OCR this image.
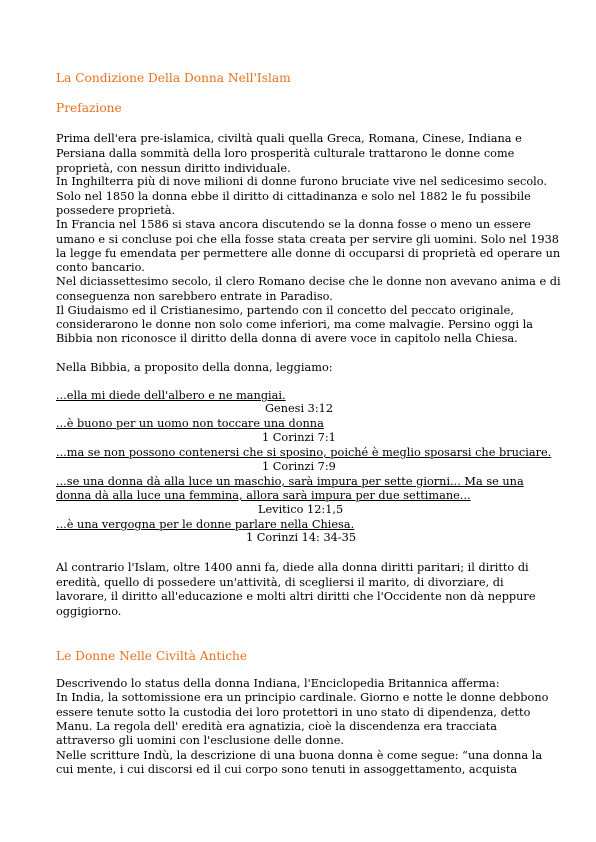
La Condizione Della Donna Nell'Islam
Prefazione
Prima dell'era pre-islamica, civiltà quali quella Greca, Romana, Cinese, Indiana e
Persiana dalla sommità della loro prosperità culturale trattarono le donne come
proprietà, con nessun diritto individuale.
In Inghilterra più di nove milioni di donne furono bruciate vive nel sedicesimo secolo.
Solo nel 1850 la donna ebbe il diritto di cittadinanza e solo nel 1882 le fu possibile
possedere proprietà.
In Francia nel 1586 si stava ancora discutendo se la donna fosse o meno un essere
umano e si concluse poi che ella fosse stata creata per servire gli uomini. Solo nel 1938
la legge fu emendata per permettere alle donne di occuparsi di proprietà ed operare un
conto bancario.
Nel diciassettesimo secolo, il clero Romano decise che le donne non avevano anima e di
conseguenza non sarebbero entrate in Paradiso.
Il Giudaismo ed il Cristianesimo, partendo con il concetto del peccato originale,
considerarono le donne non solo come inferiori, ma come malvagie. Persino oggi la
Bibbia non riconosce il diritto della donna di avere voce in capitolo nella Chiesa.
Nella Bibbia, a proposito della donna, leggiamo:
...ella mi diede dell'albero e ne mangiai.
Genesi 3:12
...è buono per un uomo non toccare una donna
1 Corinzi 7:1
...ma se non possono contenersi che si sposino, poiché è meglio sposarsi che bruciare.
1 Corinzi 7:9
...se una donna dà alla luce un maschio, sarà impura per sette giorni... Ma se una
donna dà alla luce una femmina, allora sarà impura per due settimane...
Levitico 12:1,5
...è una vergogna per le donne parlare nella Chiesa.
1 Corinzi 14: 34-35
Al contrario l'Islam, oltre 1400 anni fa, diede alla donna diritti paritari; il diritto di
eredità, quello di possedere un'attività, di scegliersi il marito, di divorziare, di
lavorare, il diritto all'educazione e molti altri diritti che l'Occidente non dà neppure
oggigiorno.
Le Donne Nelle Civiltà Antiche
Descrivendo lo status della donna Indiana, l'Enciclopedia Britannica afferma:
In India, la sottomissione era un principio cardinale. Giorno e notte le donne debbono
essere tenute sotto la custodia dei loro protettori in uno stato di dipendenza, detto
Manu. La regola dell' eredità era agnatizia, cioè la discendenza era tracciata
attraverso gli uomini con l'esclusione delle donne.
Nelle scritture Indù, la descrizione di una buona donna è come segue: “una donna la
cui mente, i cui discorsi ed il cui corpo sono tenuti in assoggettamento, acquista
